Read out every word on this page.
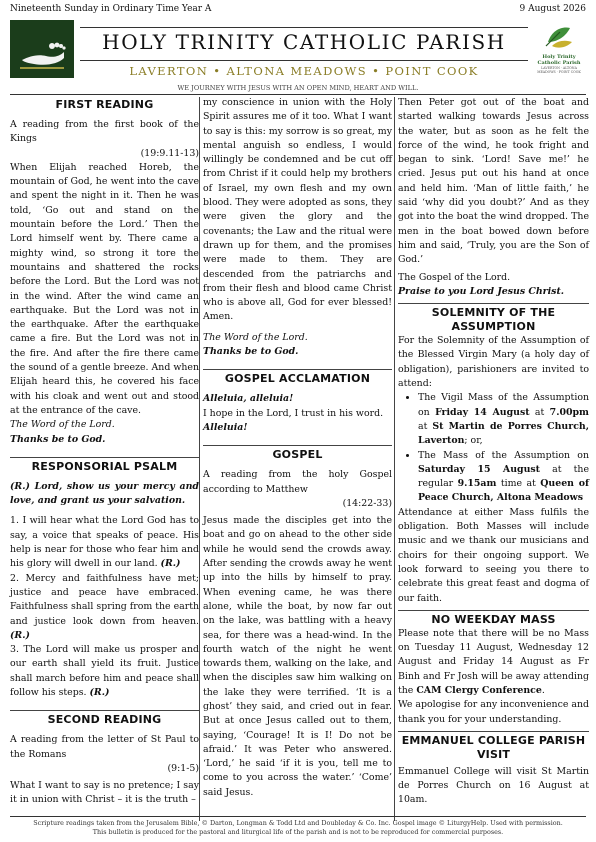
Nineteenth Sunday in Ordinary Time Year A	9 August 2026
HOLY TRINITY CATHOLIC PARISH
LAVERTON • ALTONA MEADOWS • POINT COOK
Holy Trinity Catholic Parish
LAVERTON · ALTONA MEADOWS · POINT COOK
WE JOURNEY WITH JESUS WITH AN OPEN MIND, HEART AND WILL.
FIRST READING

A reading from the first book of the Kings

(19:9.11-13)

When Elijah reached Horeb, the mountain of God, he went into the cave and spent the night in it. Then he was told, ‘Go out and stand on the mountain before the Lord.’ Then the Lord himself went by. There came a mighty wind, so strong it tore the mountains and shattered the rocks before the Lord. But the Lord was not in the wind. After the wind came an earthquake. But the Lord was not in the earthquake. After the earthquake came a fire. But the Lord was not in the fire. And after the fire there came the sound of a gentle breeze. And when Elijah heard this, he covered his face with his cloak and went out and stood at the entrance of the cave.

The Word of the Lord.

Thanks be to God.

RESPONSORIAL PSALM

(R.) Lord, show us your mercy and love, and grant us your salvation.

1. I will hear what the Lord God has to say, a voice that speaks of peace. His help is near for those who fear him and his glory will dwell in our land. (R.)

2. Mercy and faithfulness have met; justice and peace have embraced. Faithfulness shall spring from the earth and justice look down from heaven. (R.)

3. The Lord will make us prosper and our earth shall yield its fruit. Justice shall march before him and peace shall follow his steps. (R.)

SECOND READING

A reading from the letter of St Paul to the Romans

(9:1-5)

What I want to say is no pretence; I say it in union with Christ – it is the truth –

my conscience in union with the Holy Spirit assures me of it too. What I want to say is this: my sorrow is so great, my mental anguish so endless, I would willingly be condemned and be cut off from Christ if it could help my brothers of Israel, my own flesh and my own blood. They were adopted as sons, they were given the glory and the covenants; the Law and the ritual were drawn up for them, and the promises were made to them. They are descended from the patriarchs and from their flesh and blood came Christ who is above all, God for ever blessed! Amen.

The Word of the Lord.

Thanks be to God.

GOSPEL ACCLAMATION

Alleluia, alleluia!

I hope in the Lord, I trust in his word.

Alleluia!

GOSPEL

A reading from the holy Gospel according to Matthew

(14:22-33)

Jesus made the disciples get into the boat and go on ahead to the other side while he would send the crowds away. After sending the crowds away he went up into the hills by himself to pray. When evening came, he was there alone, while the boat, by now far out on the lake, was battling with a heavy sea, for there was a head-wind. In the fourth watch of the night he went towards them, walking on the lake, and when the disciples saw him walking on the lake they were terrified. ‘It is a ghost’ they said, and cried out in fear. But at once Jesus called out to them, saying, ‘Courage! It is I! Do not be afraid.’ It was Peter who answered. ‘Lord,’ he said ‘if it is you, tell me to come to you across the water.’ ‘Come’ said Jesus.

Then Peter got out of the boat and started walking towards Jesus across the water, but as soon as he felt the force of the wind, he took fright and began to sink. ‘Lord! Save me!’ he cried. Jesus put out his hand at once and held him. ‘Man of little faith,’ he said ‘why did you doubt?’ And as they got into the boat the wind dropped. The men in the boat bowed down before him and said, ‘Truly, you are the Son of God.’

The Gospel of the Lord.

Praise to you Lord Jesus Christ.

SOLEMNITY OF THE ASSUMPTION

For the Solemnity of the Assumption of the Blessed Virgin Mary (a holy day of obligation), parishioners are invited to attend:

• The Vigil Mass of the Assumption on Friday 14 August at 7.00pm at St Martin de Porres Church, Laverton; or,
• The Mass of the Assumption on Saturday 15 August at the regular 9.15am time at Queen of Peace Church, Altona Meadows

Attendance at either Mass fulfils the obligation. Both Masses will include music and we thank our musicians and choirs for their ongoing support. We look forward to seeing you there to celebrate this great feast and dogma of our faith.

NO WEEKDAY MASS

Please note that there will be no Mass on Tuesday 11 August, Wednesday 12 August and Friday 14 August as Fr Binh and Fr Josh will be away attending the CAM Clergy Conference.

We apologise for any inconvenience and thank you for your understanding.

EMMANUEL COLLEGE PARISH
VISIT

Emmanuel College will visit St Martin de Porres Church on 16 August at 10am.

Scripture readings taken from the Jerusalem Bible, © Darton, Longman & Todd Ltd and Doubleday & Co. Inc. Gospel image © LiturgyHelp. Used with permission.
This bulletin is produced for the pastoral and liturgical life of the parish and is not to be reproduced for commercial purposes.
